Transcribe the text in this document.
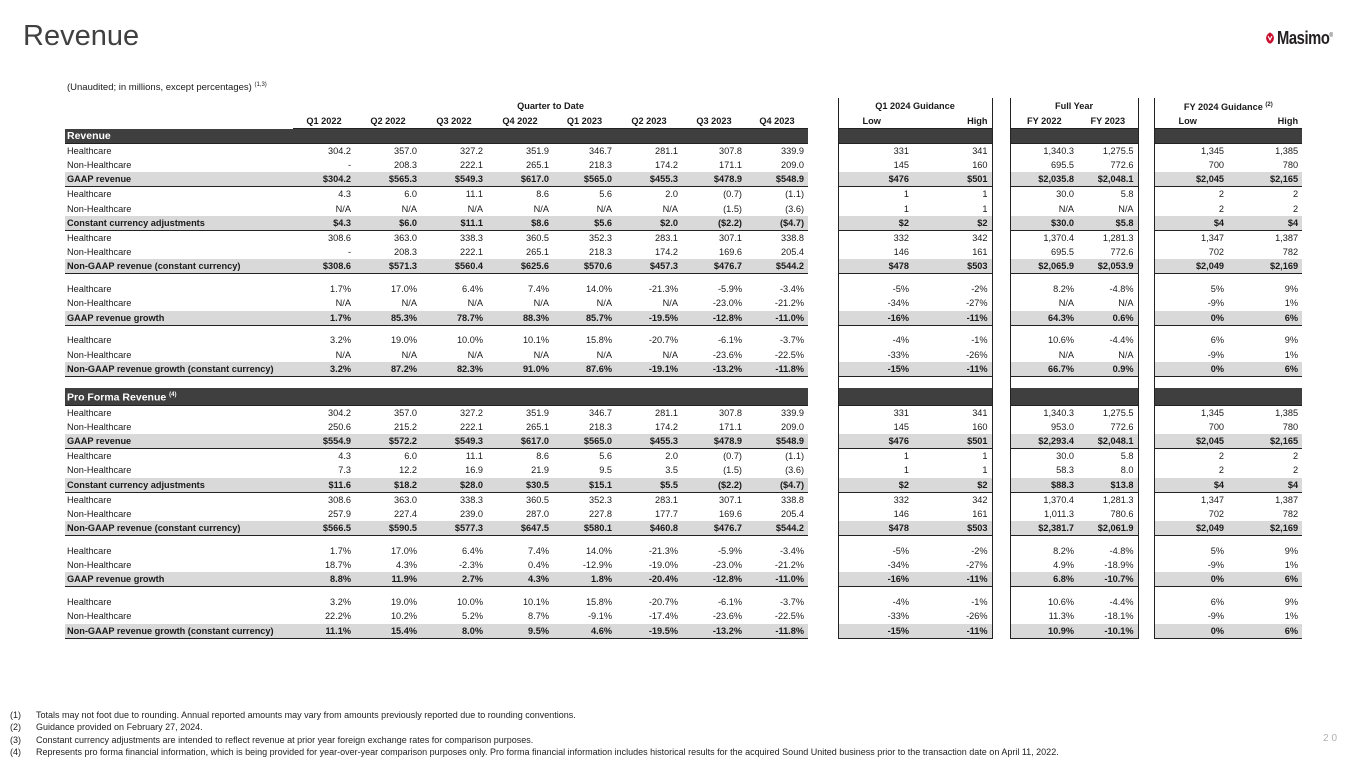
Revenue	Masimo®
(Unaudited; in millions, except percentages) $^{(1,3)}$
	Quarter to Date									Q1 2024 Guidance			Full Year			FY 2024 Guidance $^{(2)}$
	Q1 2022	Q2 2022	Q3 2022	Q4 2022	Q1 2023	Q2 2023	Q3 2023	Q4 2023		Low	High		FY 2022	FY 2023		Low	High
Revenue																	
Healthcare	304.2	357.0	327.2	351.9	346.7	281.1	307.8	339.9		331	341		1,340.3	1,275.5		1,345	1,385
Non-Healthcare	-	208.3	222.1	265.1	218.3	174.2	171.1	209.0		145	160		695.5	772.6		700	780
GAAP revenue	$304.2	$565.3	$549.3	$617.0	$565.0	$455.3	$478.9	$548.9		$476	$501		$2,035.8	$2,048.1		$2,045	$2,165
Healthcare	4.3	6.0	11.1	8.6	5.6	2.0	(0.7)	(1.1)		1	1		30.0	5.8		2	2
Non-Healthcare	N/A	N/A	N/A	N/A	N/A	N/A	(1.5)	(3.6)		1	1		N/A	N/A		2	2
Constant currency adjustments	$4.3	$6.0	$11.1	$8.6	$5.6	$2.0	($2.2)	($4.7)		$2	$2		$30.0	$5.8		$4	$4
Healthcare	308.6	363.0	338.3	360.5	352.3	283.1	307.1	338.8		332	342		1,370.4	1,281.3		1,347	1,387
Non-Healthcare	-	208.3	222.1	265.1	218.3	174.2	169.6	205.4		146	161		695.5	772.6		702	782
Non-GAAP revenue (constant currency)	$308.6	$571.3	$560.4	$625.6	$570.6	$457.3	$476.7	$544.2		$478	$503		$2,065.9	$2,053.9		$2,049	$2,169

Healthcare	1.7%	17.0%	6.4%	7.4%	14.0%	-21.3%	-5.9%	-3.4%		-5%	-2%		8.2%	-4.8%		5%	9%
Non-Healthcare	N/A	N/A	N/A	N/A	N/A	N/A	-23.0%	-21.2%		-34%	-27%		N/A	N/A		-9%	1%
GAAP revenue growth	1.7%	85.3%	78.7%	88.3%	85.7%	-19.5%	-12.8%	-11.0%		-16%	-11%		64.3%	0.6%		0%	6%

Healthcare	3.2%	19.0%	10.0%	10.1%	15.8%	-20.7%	-6.1%	-3.7%		-4%	-1%		10.6%	-4.4%		6%	9%
Non-Healthcare	N/A	N/A	N/A	N/A	N/A	N/A	-23.6%	-22.5%		-33%	-26%		N/A	N/A		-9%	1%
Non-GAAP revenue growth (constant currency)	3.2%	87.2%	82.3%	91.0%	87.6%	-19.1%	-13.2%	-11.8%		-15%	-11%		66.7%	0.9%		0%	6%

Pro Forma Revenue $^{(4)}$						
Healthcare	304.2	357.0	327.2	351.9	346.7	281.1	307.8	339.9		331	341		1,340.3	1,275.5		1,345	1,385
Non-Healthcare	250.6	215.2	222.1	265.1	218.3	174.2	171.1	209.0		145	160		953.0	772.6		700	780
GAAP revenue	$554.9	$572.2	$549.3	$617.0	$565.0	$455.3	$478.9	$548.9		$476	$501		$2,293.4	$2,048.1		$2,045	$2,165
Healthcare	4.3	6.0	11.1	8.6	5.6	2.0	(0.7)	(1.1)		1	1		30.0	5.8		2	2
Non-Healthcare	7.3	12.2	16.9	21.9	9.5	3.5	(1.5)	(3.6)		1	1		58.3	8.0		2	2
Constant currency adjustments	$11.6	$18.2	$28.0	$30.5	$15.1	$5.5	($2.2)	($4.7)		$2	$2		$88.3	$13.8		$4	$4
Healthcare	308.6	363.0	338.3	360.5	352.3	283.1	307.1	338.8		332	342		1,370.4	1,281.3		1,347	1,387
Non-Healthcare	257.9	227.4	239.0	287.0	227.8	177.7	169.6	205.4		146	161		1,011.3	780.6		702	782
Non-GAAP revenue (constant currency)	$566.5	$590.5	$577.3	$647.5	$580.1	$460.8	$476.7	$544.2		$478	$503		$2,381.7	$2,061.9		$2,049	$2,169

Healthcare	1.7%	17.0%	6.4%	7.4%	14.0%	-21.3%	-5.9%	-3.4%		-5%	-2%		8.2%	-4.8%		5%	9%
Non-Healthcare	18.7%	4.3%	-2.3%	0.4%	-12.9%	-19.0%	-23.0%	-21.2%		-34%	-27%		4.9%	-18.9%		-9%	1%
GAAP revenue growth	8.8%	11.9%	2.7%	4.3%	1.8%	-20.4%	-12.8%	-11.0%		-16%	-11%		6.8%	-10.7%		0%	6%

Healthcare	3.2%	19.0%	10.0%	10.1%	15.8%	-20.7%	-6.1%	-3.7%		-4%	-1%		10.6%	-4.4%		6%	9%
Non-Healthcare	22.2%	10.2%	5.2%	8.7%	-9.1%	-17.4%	-23.6%	-22.5%		-33%	-26%		11.3%	-18.1%		-9%	1%
Non-GAAP revenue growth (constant currency)	11.1%	15.4%	8.0%	9.5%	4.6%	-19.5%	-13.2%	-11.8%		-15%	-11%		10.9%	-10.1%		0%	6%
(1)	Totals may not foot due to rounding. Annual reported amounts may vary from amounts previously reported due to rounding conventions.
(2)	Guidance provided on February 27, 2024.
(3)	Constant currency adjustments are intended to reflect revenue at prior year foreign exchange rates for comparison purposes.
(4)	Represents pro forma financial information, which is being provided for year-over-year comparison purposes only. Pro forma financial information includes historical results for the acquired Sound United business prior to the transaction date on April 11, 2022.
20
